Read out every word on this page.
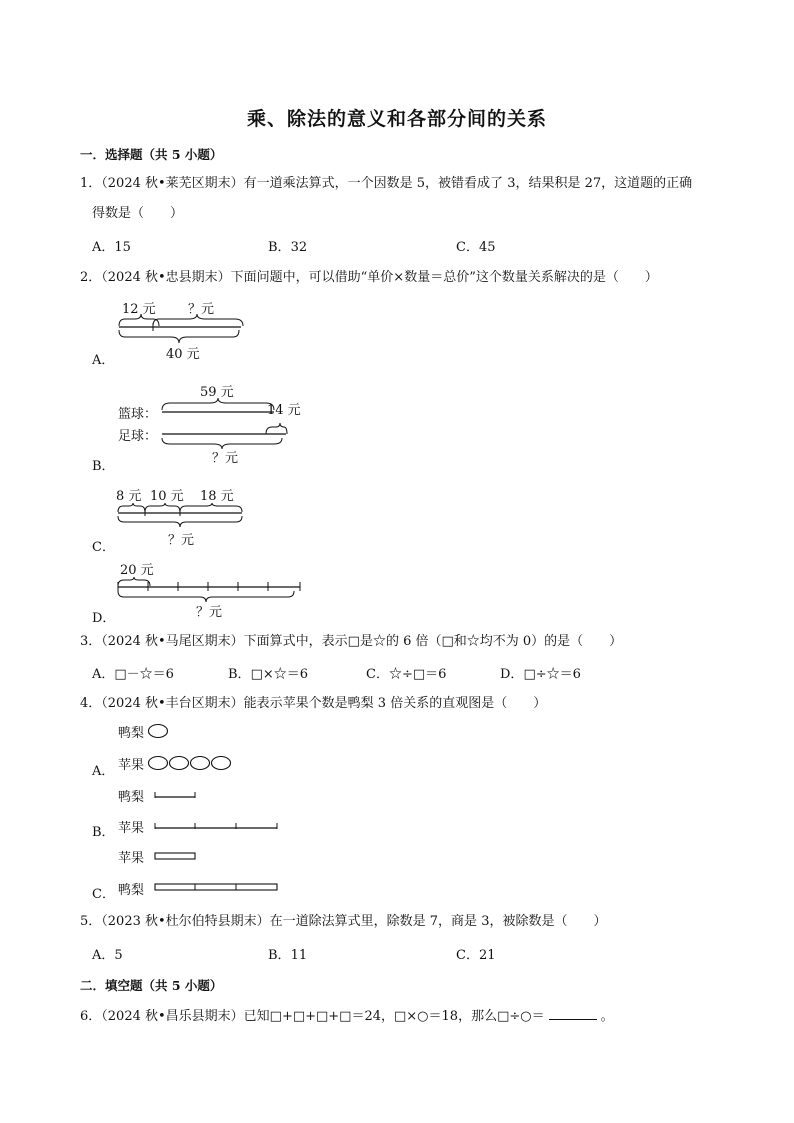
乘、除法的意义和各部分间的关系
一．选择题（共 5 小题）
1．（2024 秋•莱芜区期末）有一道乘法算式，一个因数是 5，被错看成了 3，结果积是 27，这道题的正确
得数是（　　）
A．15	B．32	C．45
2．（2024 秋•忠县期末）下面问题中，可以借助“单价×数量＝总价”这个数量关系解决的是（　　）
A．
12 元 ？元
40 元
B．
篮球：
足球：
59 元
14 元
？元
C．
8 元 10 元 18 元
？元
D．
20 元
？元
3．（2024 秋•马尾区期末）下面算式中，表示□是☆的 6 倍（□和☆均不为 0）的是（　　）
A．□－☆＝6	B．□×☆＝6	C．☆÷□＝6	D．□÷☆＝6
4．（2024 秋•丰台区期末）能表示苹果个数是鸭梨 3 倍关系的直观图是（　　）
鸭梨
A． 苹果
鸭梨
B． 苹果
苹果
C． 鸭梨
5．（2023 秋•杜尔伯特县期末）在一道除法算式里，除数是 7，商是 3，被除数是（　　）
A．5	B．11	C．21
二．填空题（共 5 小题）
6．（2024 秋•昌乐县期末）已知□+□+□+□＝24，□×○＝18，那么□÷○＝	。
